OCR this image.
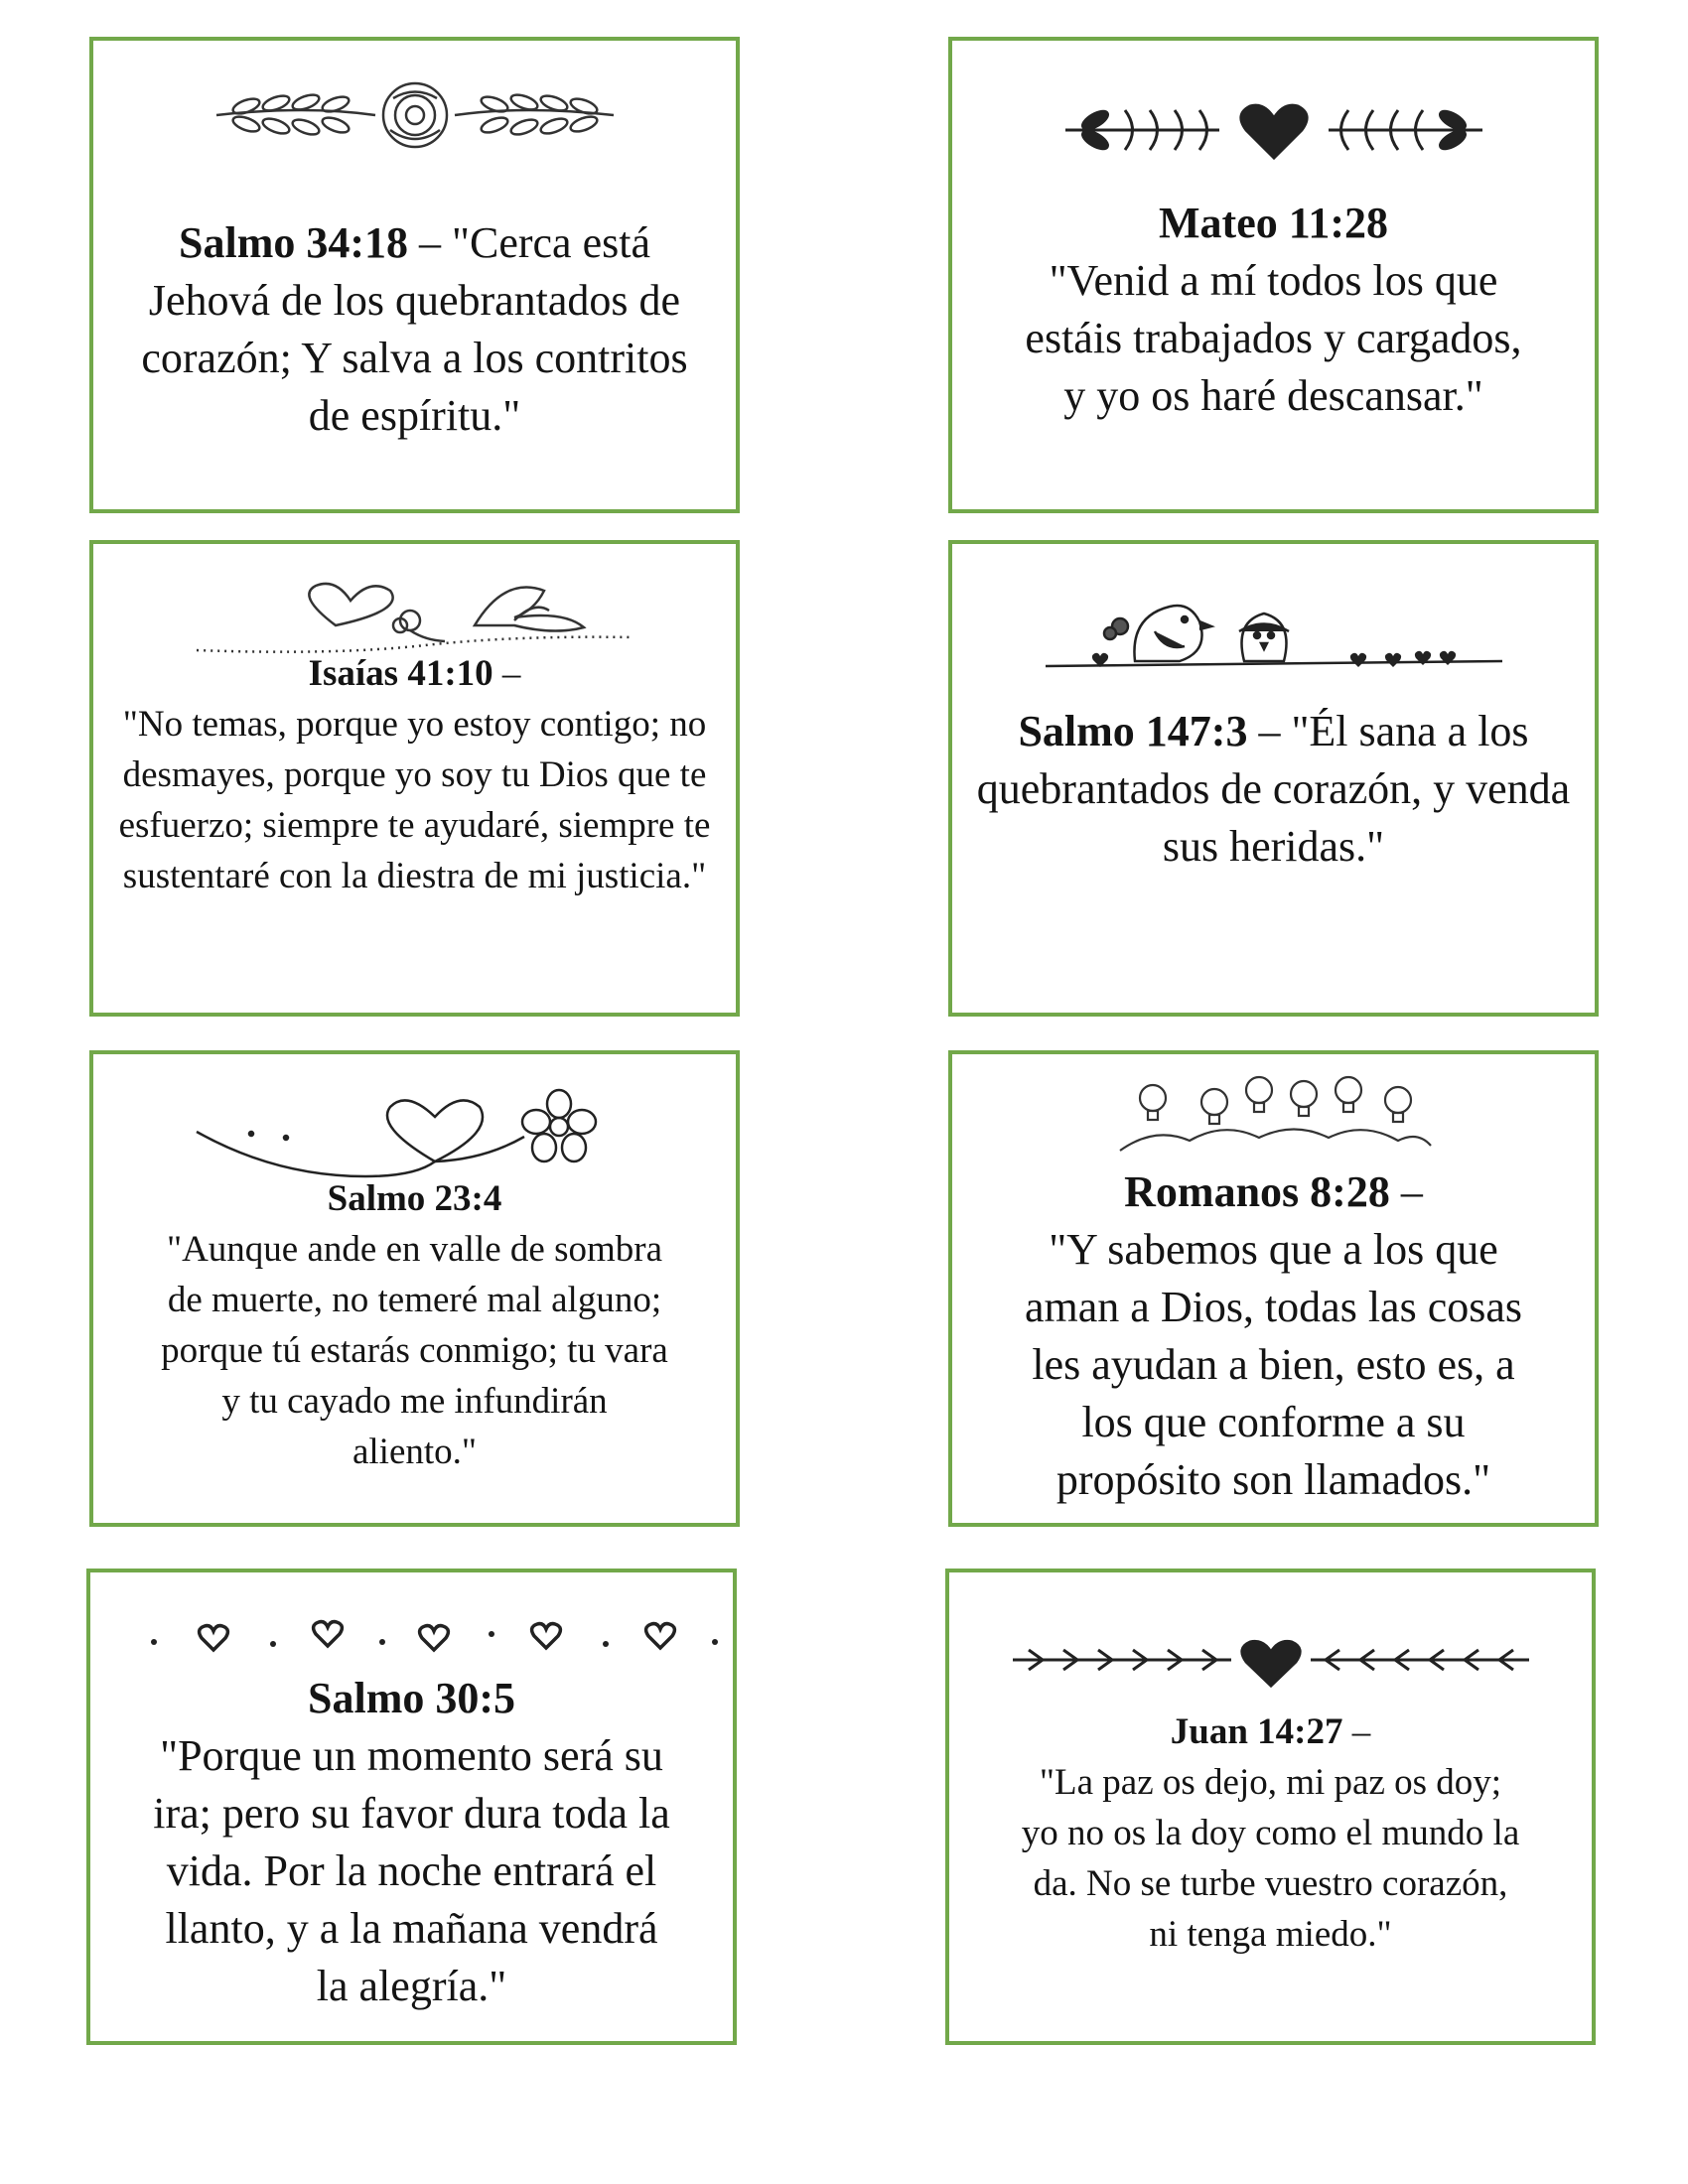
Salmo 34:18 – "Cerca está Jehová de los quebrantados de corazón; Y salva a los contritos de espíritu."
Mateo 11:28
"Venid a mí todos los que estáis trabajados y cargados, y yo os haré descansar."
Isaías 41:10 –
"No temas, porque yo estoy contigo; no desmayes, porque yo soy tu Dios que te esfuerzo; siempre te ayudaré, siempre te sustentaré con la diestra de mi justicia."
Salmo 147:3 – "Él sana a los quebrantados de corazón, y venda sus heridas."
Salmo 23:4
"Aunque ande en valle de sombra de muerte, no temeré mal alguno; porque tú estarás conmigo; tu vara y tu cayado me infundirán aliento."
Romanos 8:28 –
"Y sabemos que a los que aman a Dios, todas las cosas les ayudan a bien, esto es, a los que conforme a su propósito son llamados."
Salmo 30:5
"Porque un momento será su ira; pero su favor dura toda la vida. Por la noche entrará el llanto, y a la mañana vendrá la alegría."
Juan 14:27 –
"La paz os dejo, mi paz os doy; yo no os la doy como el mundo la da. No se turbe vuestro corazón, ni tenga miedo."
